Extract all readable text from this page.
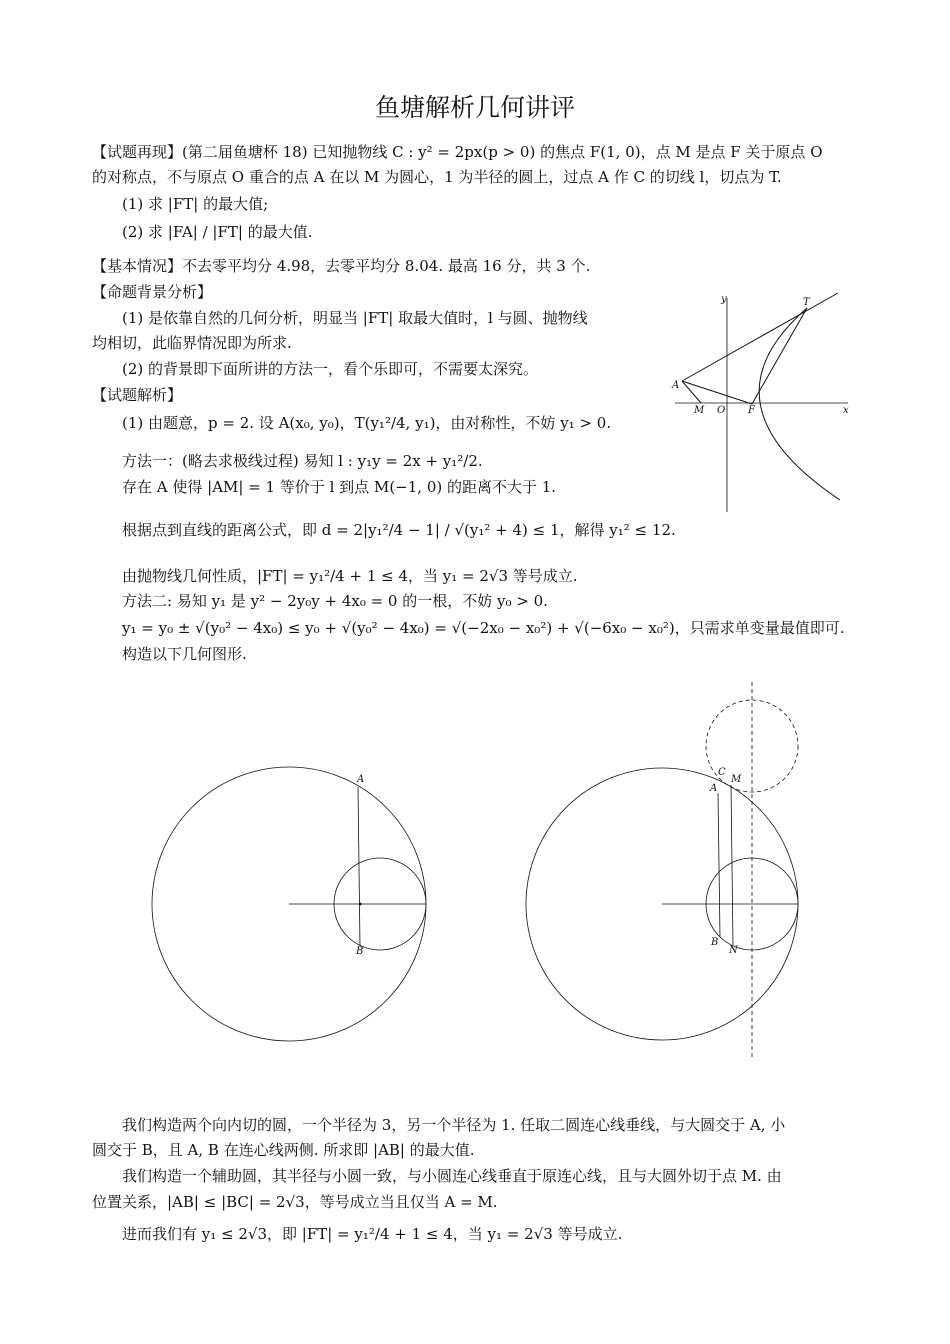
鱼塘解析几何讲评
【试题再现】(第二届鱼塘杯 18) 已知抛物线 C : y² = 2px(p > 0) 的焦点 F(1, 0)，点 M 是点 F 关于原点 O
的对称点，不与原点 O 重合的点 A 在以 M 为圆心，1 为半径的圆上，过点 A 作 C 的切线 l，切点为 T.
(1) 求 |FT| 的最大值;
(2) 求 |FA| / |FT| 的最大值.
【基本情况】不去零平均分 4.98，去零平均分 8.04. 最高 16 分，共 3 个.
【命题背景分析】
(1) 是依靠自然的几何分析，明显当 |FT| 取最大值时，l 与圆、抛物线
均相切，此临界情况即为所求.
(2) 的背景即下面所讲的方法一，看个乐即可，不需要太深究。
【试题解析】
(1) 由题意，p = 2. 设 A(x₀, y₀)，T(y₁²/4, y₁)，由对称性，不妨 y₁ > 0.
方法一：(略去求极线过程) 易知 l : y₁y = 2x + y₁²/2.
存在 A 使得 |AM| = 1 等价于 l 到点 M(−1, 0) 的距离不大于 1.
根据点到直线的距离公式，即 d = 2|y₁²/4 − 1| / √(y₁² + 4) ≤ 1，解得 y₁² ≤ 12.
由抛物线几何性质，|FT| = y₁²/4 + 1 ≤ 4，当 y₁ = 2√3 等号成立.
方法二: 易知 y₁ 是 y² − 2y₀y + 4x₀ = 0 的一根，不妨 y₀ > 0.
y₁ = y₀ ± √(y₀² − 4x₀) ≤ y₀ + √(y₀² − 4x₀) = √(−2x₀ − x₀²) + √(−6x₀ − x₀²)，只需求单变量最值即可.
构造以下几何图形.
y	T
A
M O F	x
A
B
C
M
A
B
N
我们构造两个向内切的圆，一个半径为 3，另一个半径为 1. 任取二圆连心线垂线，与大圆交于 A, 小
圆交于 B，且 A, B 在连心线两侧. 所求即 |AB| 的最大值.
我们构造一个辅助圆，其半径与小圆一致，与小圆连心线垂直于原连心线，且与大圆外切于点 M. 由
位置关系，|AB| ≤ |BC| = 2√3，等号成立当且仅当 A = M.
进而我们有 y₁ ≤ 2√3，即 |FT| = y₁²/4 + 1 ≤ 4，当 y₁ = 2√3 等号成立.
